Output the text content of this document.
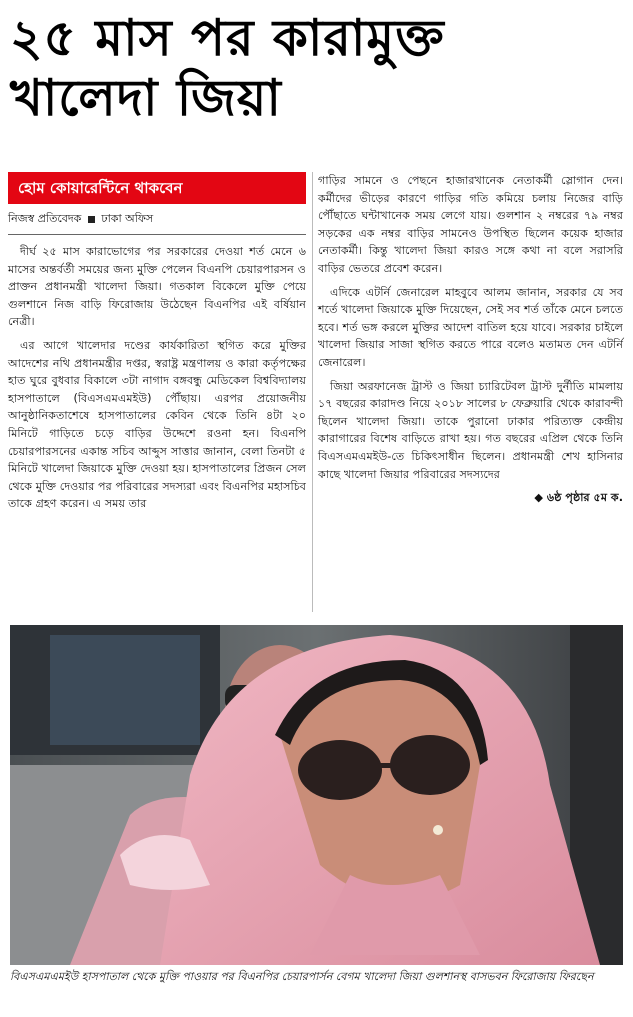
২৫ মাস পর কারামুক্ত
খালেদা জিয়া
হোম কোয়ারেন্টিনে থাকবেন
নিজস্ব প্রতিবেদক ঢাকা অফিস

দীর্ঘ ২৫ মাস কারাভোগের পর সরকারের দেওয়া শর্ত মেনে ৬ মাসের অন্তর্বর্তী সময়ের জন্য মুক্তি পেলেন বিএনপি চেয়ারপারসন ও প্রাক্তন প্রধানমন্ত্রী খালেদা জিয়া। গতকাল বিকেলে মুক্তি পেয়ে গুলশানে নিজ বাড়ি ফিরোজায় উঠেছেন বিএনপির এই বর্ষিয়ান নেত্রী।

এর আগে খালেদার দণ্ডের কার্যকারিতা স্থগিত করে মুক্তির আদেশের নথি প্রধানমন্ত্রীর দপ্তর, স্বরাষ্ট্র মন্ত্রণালয় ও কারা কর্তৃপক্ষের হাত ঘুরে বুধবার বিকালে ৩টা নাগাদ বঙ্গবন্ধু মেডিকেল বিশ্ববিদ্যালয় হাসপাতালে (বিএসএমএমইউ) পৌঁছায়। এরপর প্রয়োজনীয় আনুষ্ঠানিকতাশেষে হাসপাতালের কেবিন থেকে তিনি ৪টা ২০ মিনিটে গাড়িতে চড়ে বাড়ির উদ্দেশে রওনা হন। বিএনপি চেয়ারপারসনের একান্ত সচিব আব্দুস সাত্তার জানান, বেলা তিনটা ৫ মিনিটে খালেদা জিয়াকে মুক্তি দেওয়া হয়। হাসপাতালের প্রিজন সেল থেকে মুক্তি দেওয়ার পর পরিবারের সদস্যরা এবং বিএনপির মহাসচিব তাকে গ্রহণ করেন। এ সময় তার

গাড়ির সামনে ও পেছনে হাজারখানেক নেতাকর্মী স্লোগান দেন। কর্মীদের ভীড়ের কারণে গাড়ির গতি কমিয়ে চলায় নিজের বাড়ি পৌঁছাতে ঘন্টাখানেক সময় লেগে যায়। গুলশান ২ নম্বরের ৭৯ নম্বর সড়কের এক নম্বর বাড়ির সামনেও উপস্থিত ছিলেন কয়েক হাজার নেতাকর্মী। কিন্তু খালেদা জিয়া কারও সঙ্গে কথা না বলে সরাসরি বাড়ির ভেতরে প্রবেশ করেন।

এদিকে এটর্নি জেনারেল মাহবুবে আলম জানান, সরকার যে সব শর্তে খালেদা জিয়াকে মুক্তি দিয়েছেন, সেই সব শর্ত তাঁকে মেনে চলতে হবে। শর্ত ভঙ্গ করলে মুক্তির আদেশ বাতিল হয়ে যাবে। সরকার চাইলে খালেদা জিয়ার সাজা স্থগিত করতে পারে বলেও মতামত দেন এটর্নি জেনারেল।

জিয়া অরফানেজ ট্রাস্ট ও জিয়া চ্যারিটেবল ট্রাস্ট দুর্নীতি মামলায় ১৭ বছরের কারাদণ্ড নিয়ে ২০১৮ সালের ৮ ফেব্রুয়ারি থেকে কারাবন্দী ছিলেন খালেদা জিয়া। তাকে পুরানো ঢাকার পরিত্যক্ত কেন্দ্রীয় কারাগারের বিশেষ বাড়িতে রাখা হয়। গত বছরের এপ্রিল থেকে তিনি বিএসএমএমইউ-তে চিকিৎসাধীন ছিলেন। প্রধানমন্ত্রী শেখ হাসিনার কাছে খালেদা জিয়ার পরিবারের সদস্যদের

◆ ৬ষ্ঠ পৃষ্ঠার ৫ম ক.
বিএসএমএমইউ হাসপাতাল থেকে মুক্তি পাওয়ার পর বিএনপির চেয়ারপার্সন বেগম খালেদা জিয়া গুলশানস্থ বাসভবন ফিরোজায় ফিরছেন
